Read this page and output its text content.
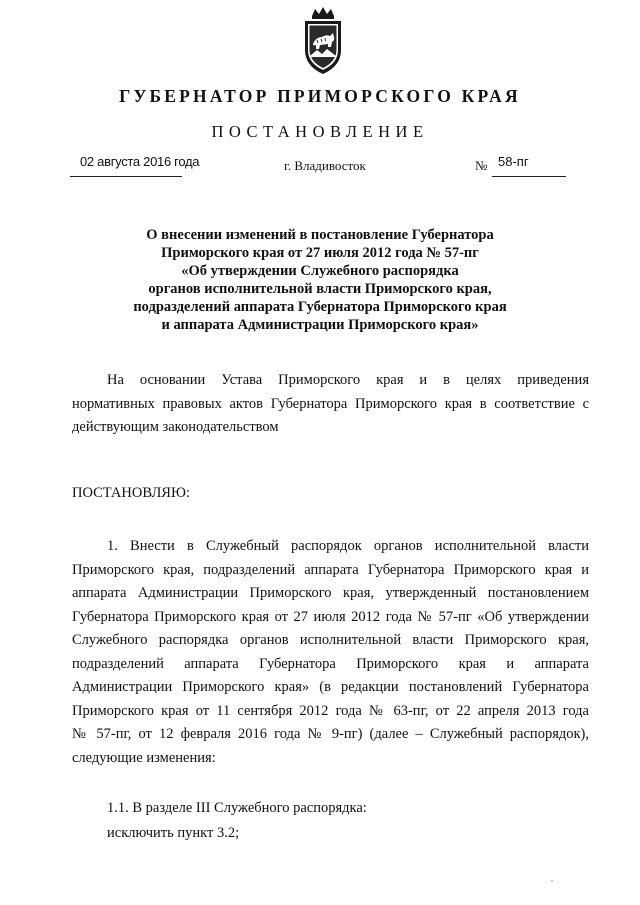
ГУБЕРНАТОР ПРИМОРСКОГО КРАЯ
ПОСТАНОВЛЕНИЕ
02 августа 2016 года	г. Владивосток	№ 58-пг
О внесении изменений в постановление Губернатора
Приморского края от 27 июля 2012 года № 57-пг
«Об утверждении Служебного распорядка
органов исполнительной власти Приморского края,
подразделений аппарата Губернатора Приморского края
и аппарата Администрации Приморского края»
На основании Устава Приморского края и в целях приведения
нормативных правовых актов Губернатора Приморского края в соответствие с
действующим законодательством
ПОСТАНОВЛЯЮ:
1. Внести в Служебный распорядок органов исполнительной власти
Приморского края, подразделений аппарата Губернатора Приморского края и
аппарата Администрации Приморского края, утвержденный постановлением
Губернатора Приморского края от 27 июля 2012 года № 57-пг «Об утверждении
Служебного распорядка органов исполнительной власти Приморского края,
подразделений аппарата Губернатора Приморского края и аппарата
Администрации Приморского края» (в редакции постановлений Губернатора
Приморского края от 11 сентября 2012 года № 63-пг, от 22 апреля 2013 года
№ 57-пг, от 12 февраля 2016 года № 9-пг) (далее – Служебный распорядок),
следующие изменения:
1.1. В разделе III Служебного распорядка:
исключить пункт 3.2;
